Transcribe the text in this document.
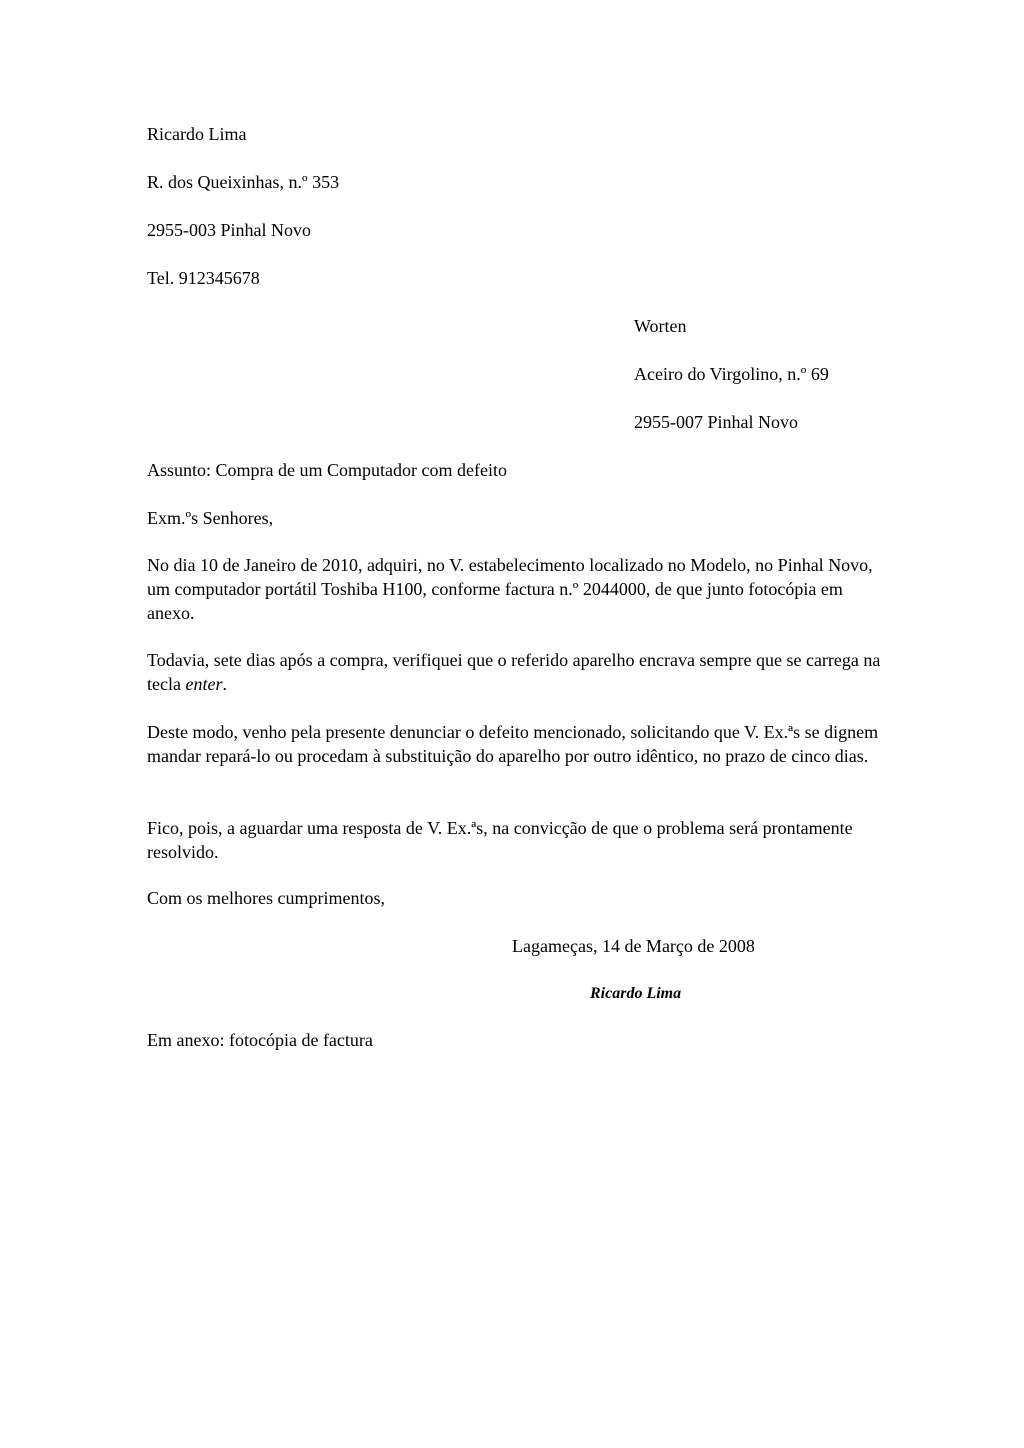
Ricardo Lima

R. dos Queixinhas, n.º 353

2955-003 Pinhal Novo

Tel. 912345678

Worten

Aceiro do Virgolino, n.º 69

2955-007 Pinhal Novo

Assunto: Compra de um Computador com defeito

Exm.ºs Senhores,

No dia 10 de Janeiro de 2010, adquiri, no V. estabelecimento localizado no Modelo, no Pinhal Novo, um computador portátil Toshiba H100, conforme factura n.º 2044000, de que junto fotocópia em anexo.

Todavia, sete dias após a compra, verifiquei que o referido aparelho encrava sempre que se carrega na tecla enter.

Deste modo, venho pela presente denunciar o defeito mencionado, solicitando que V. Ex.ªs se dignem mandar repará-lo ou procedam à substituição do aparelho por outro idêntico, no prazo de cinco dias.

Fico, pois, a aguardar uma resposta de V. Ex.ªs, na convicção de que o problema será prontamente resolvido.

Com os melhores cumprimentos,

Lagameças, 14 de Março de 2008

Ricardo Lima

Em anexo: fotocópia de factura
